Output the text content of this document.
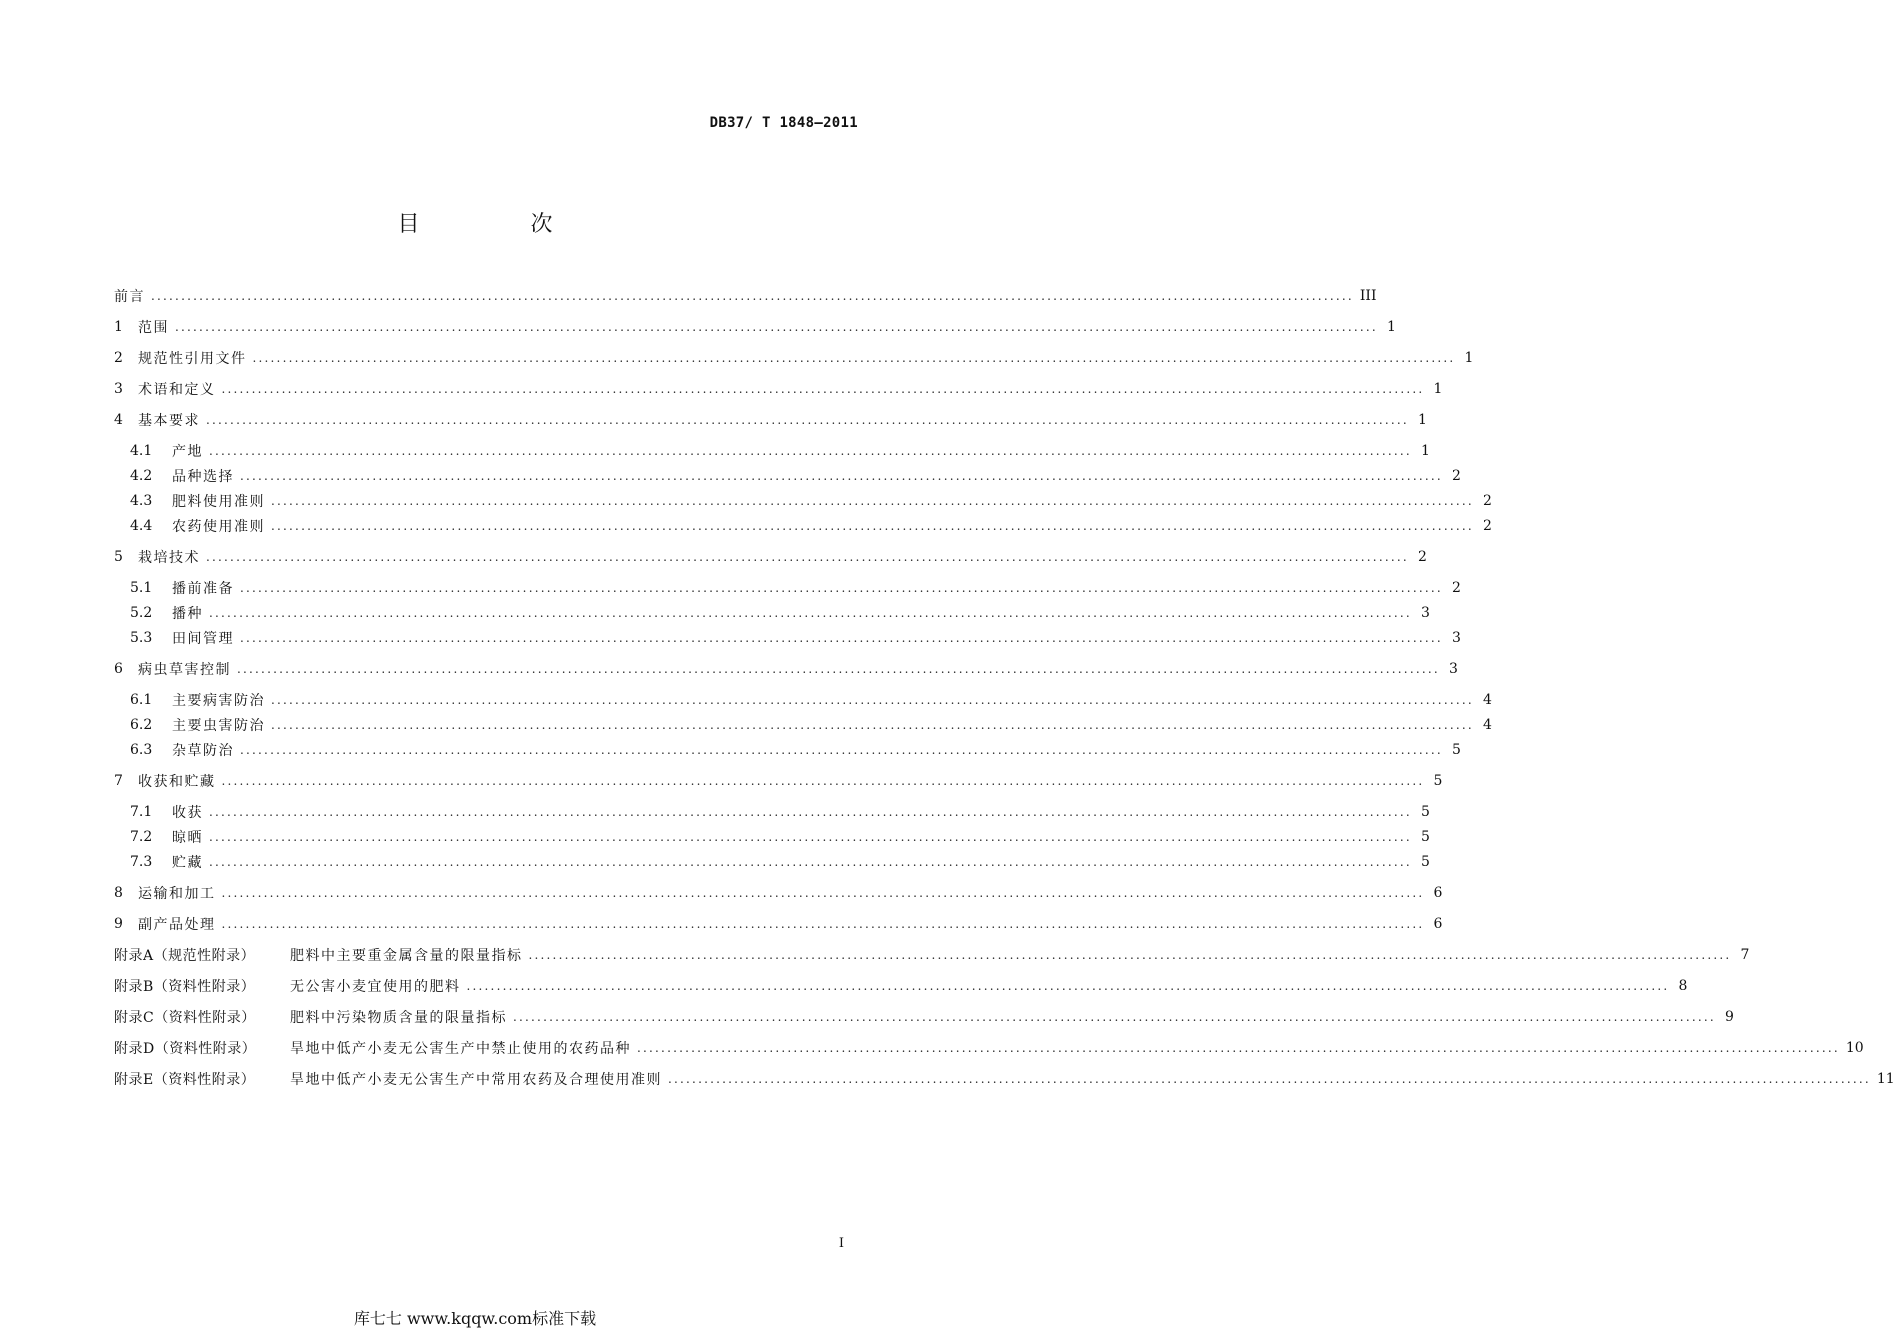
DB37/ T 1848—2011
目 次
前言 ........................................................................................................................................................................................................ III
1	范围 ........................................................................................................................................................................................................ 1
2	规范性引用文件 ........................................................................................................................................................................................................ 1
3	术语和定义 ........................................................................................................................................................................................................ 1
4	基本要求 ........................................................................................................................................................................................................ 1
4.1	产地 ........................................................................................................................................................................................................ 1
4.2	品种选择 ........................................................................................................................................................................................................ 2
4.3	肥料使用准则 ........................................................................................................................................................................................................ 2
4.4	农药使用准则 ........................................................................................................................................................................................................ 2
5	栽培技术 ........................................................................................................................................................................................................ 2
5.1	播前准备 ........................................................................................................................................................................................................ 2
5.2	播种 ........................................................................................................................................................................................................ 3
5.3	田间管理 ........................................................................................................................................................................................................ 3
6	病虫草害控制 ........................................................................................................................................................................................................ 3
6.1	主要病害防治 ........................................................................................................................................................................................................ 4
6.2	主要虫害防治 ........................................................................................................................................................................................................ 4
6.3	杂草防治 ........................................................................................................................................................................................................ 5
7	收获和贮藏 ........................................................................................................................................................................................................ 5
7.1	收获 ........................................................................................................................................................................................................ 5
7.2	晾晒 ........................................................................................................................................................................................................ 5
7.3	贮藏 ........................................................................................................................................................................................................ 5
8	运输和加工 ........................................................................................................................................................................................................ 6
9	副产品处理 ........................................................................................................................................................................................................ 6
附录A（规范性附录）	肥料中主要重金属含量的限量指标 ........................................................................................................................................................................................................ 7
附录B（资料性附录）	无公害小麦宜使用的肥料 ........................................................................................................................................................................................................ 8
附录C（资料性附录）	肥料中污染物质含量的限量指标 ........................................................................................................................................................................................................ 9
附录D（资料性附录）	旱地中低产小麦无公害生产中禁止使用的农药品种 ........................................................................................................................................................................................................ 10
附录E（资料性附录）	旱地中低产小麦无公害生产中常用农药及合理使用准则 ........................................................................................................................................................................................................ 11
I
库七七 www.kqqw.com标准下载
